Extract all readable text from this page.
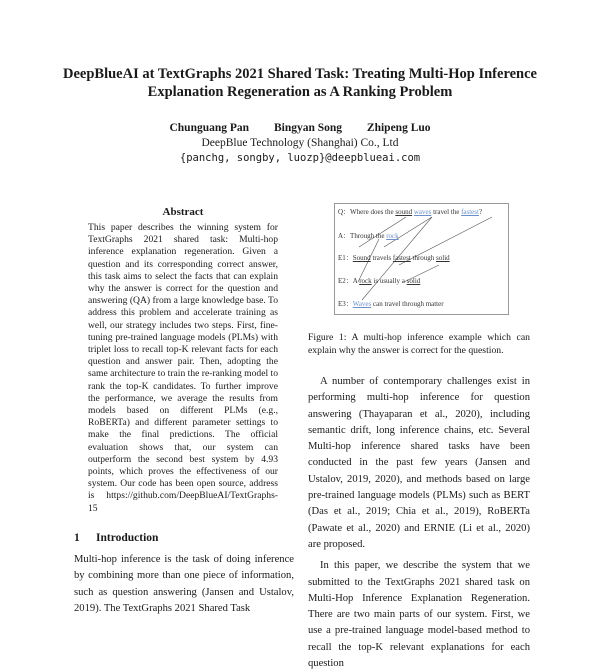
DeepBlueAI at TextGraphs 2021 Shared Task: Treating Multi-Hop Inference Explanation Regeneration as A Ranking Problem
Chunguang Pan Bingyan Song Zhipeng Luo
DeepBlue Technology (Shanghai) Co., Ltd
{panchg, songby, luozp}@deepblueai.com
Abstract
This paper describes the winning system for TextGraphs 2021 shared task: Multi-hop inference explanation regeneration. Given a question and its corresponding correct answer, this task aims to select the facts that can explain why the answer is correct for the question and answering (QA) from a large knowledge base. To address this problem and accelerate training as well, our strategy includes two steps. First, fine-tuning pre-trained language models (PLMs) with triplet loss to recall top-K relevant facts for each question and answer pair. Then, adopting the same architecture to train the re-ranking model to rank the top-K candidates. To further improve the performance, we average the results from models based on different PLMs (e.g., RoBERTa) and different parameter settings to make the final predictions. The official evaluation shows that, our system can outperform the second best system by 4.93 points, which proves the effectiveness of our system. Our code has been open source, address is https://github.com/DeepBlueAI/TextGraphs-15
1 Introduction
Multi-hop inference is the task of doing inference by combining more than one piece of information, such as question answering (Jansen and Ustalov, 2019). The TextGraphs 2021 Shared Task
Q：Where does the sound waves travel the fastest?
A：Through the rock
E1：Sound travels fastest through solid
E2：A rock is usually a solid
E3：Waves can travel through matter
Figure 1: A multi-hop inference example which can explain why the answer is correct for the question.

A number of contemporary challenges exist in performing multi-hop inference for question answering (Thayaparan et al., 2020), including semantic drift, long inference chains, etc. Several Multi-hop inference shared tasks have been conducted in the past few years (Jansen and Ustalov, 2019, 2020), and methods based on large pre-trained language models (PLMs) such as BERT (Das et al., 2019; Chia et al., 2019), RoBERTa (Pawate et al., 2020) and ERNIE (Li et al., 2020) are proposed.

In this paper, we describe the system that we submitted to the TextGraphs 2021 shared task on Multi-Hop Inference Explanation Regeneration. There are two main parts of our system. First, we use a pre-trained language model-based method to recall the top-K relevant explanations for each question
